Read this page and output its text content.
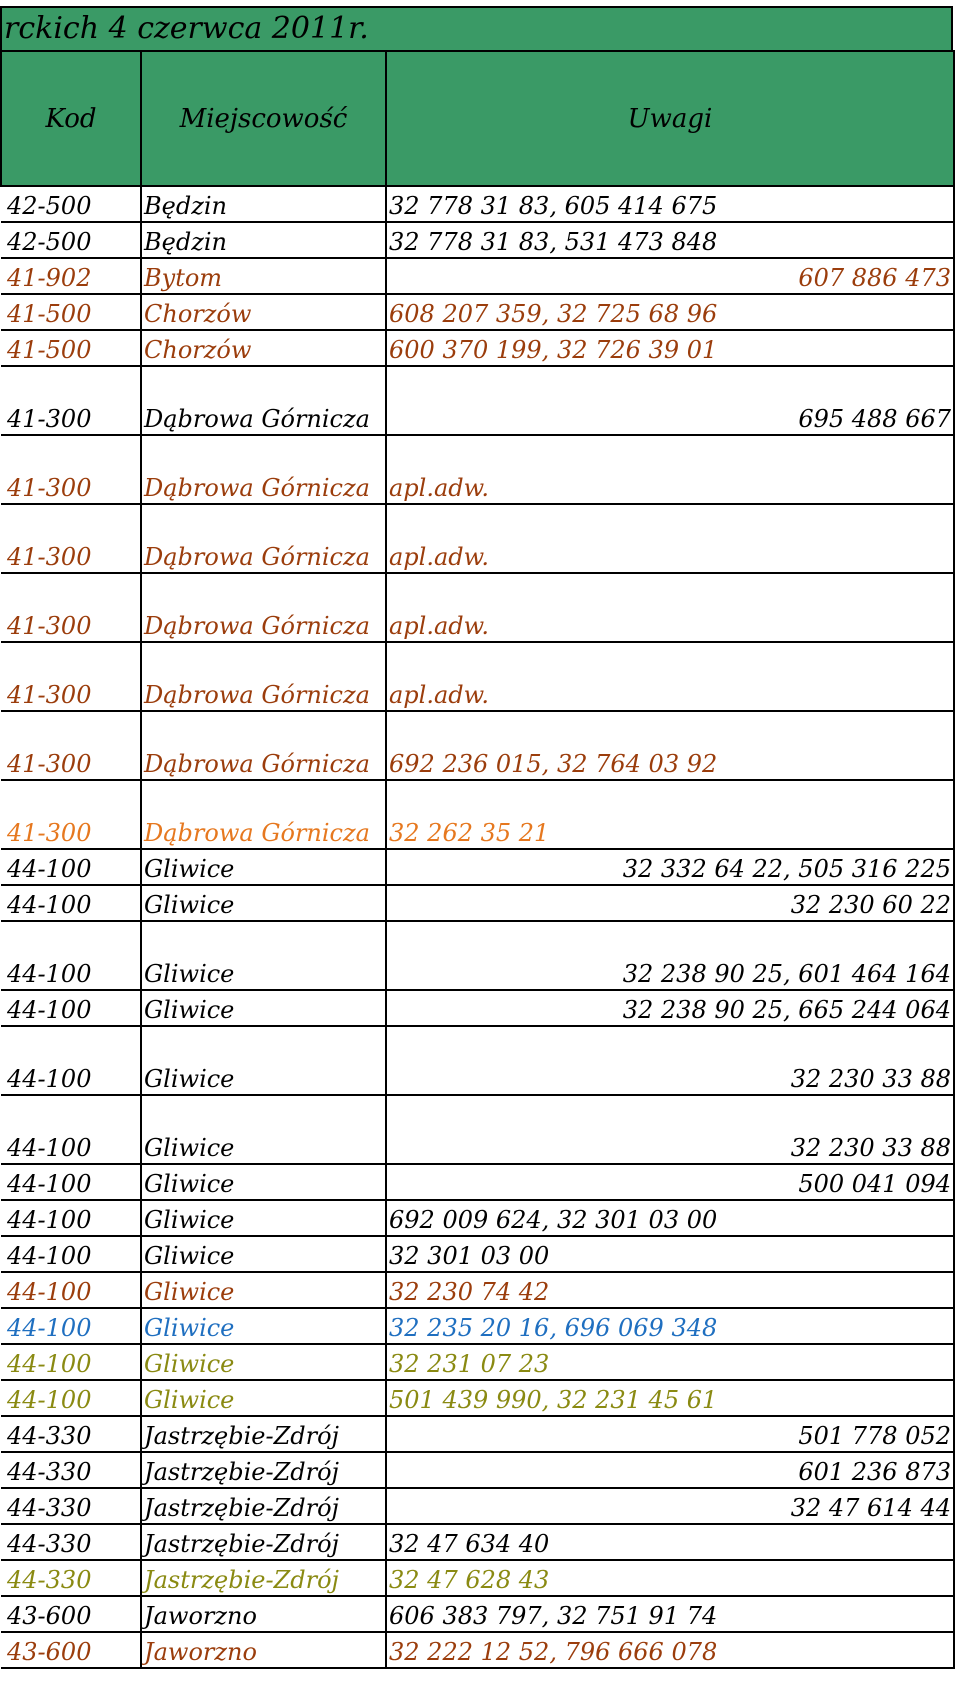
rckich 4 czerwca 2011r.
Kod	Miejscowość	Uwagi
42-500	Będzin	32 778 31 83, 605 414 675
42-500	Będzin	32 778 31 83, 531 473 848
41-902	Bytom	607 886 473
41-500	Chorzów	608 207 359, 32 725 68 96
41-500	Chorzów	600 370 199, 32 726 39 01
41-300	Dąbrowa Górnicza	695 488 667
41-300	Dąbrowa Górnicza	apl.adw.
41-300	Dąbrowa Górnicza	apl.adw.
41-300	Dąbrowa Górnicza	apl.adw.
41-300	Dąbrowa Górnicza	apl.adw.
41-300	Dąbrowa Górnicza	692 236 015, 32 764 03 92
41-300	Dąbrowa Górnicza	32 262 35 21
44-100	Gliwice	32 332 64 22, 505 316 225
44-100	Gliwice	32 230 60 22
44-100	Gliwice	32 238 90 25, 601 464 164
44-100	Gliwice	32 238 90 25, 665 244 064
44-100	Gliwice	32 230 33 88
44-100	Gliwice	32 230 33 88
44-100	Gliwice	500 041 094
44-100	Gliwice	692 009 624, 32 301 03 00
44-100	Gliwice	32 301 03 00
44-100	Gliwice	32 230 74 42
44-100	Gliwice	32 235 20 16, 696 069 348
44-100	Gliwice	32 231 07 23
44-100	Gliwice	501 439 990, 32 231 45 61
44-330	Jastrzębie-Zdrój	501 778 052
44-330	Jastrzębie-Zdrój	601 236 873
44-330	Jastrzębie-Zdrój	32 47 614 44
44-330	Jastrzębie-Zdrój	32 47 634 40
44-330	Jastrzębie-Zdrój	32 47 628 43
43-600	Jaworzno	606 383 797, 32 751 91 74
43-600	Jaworzno	32 222 12 52, 796 666 078
